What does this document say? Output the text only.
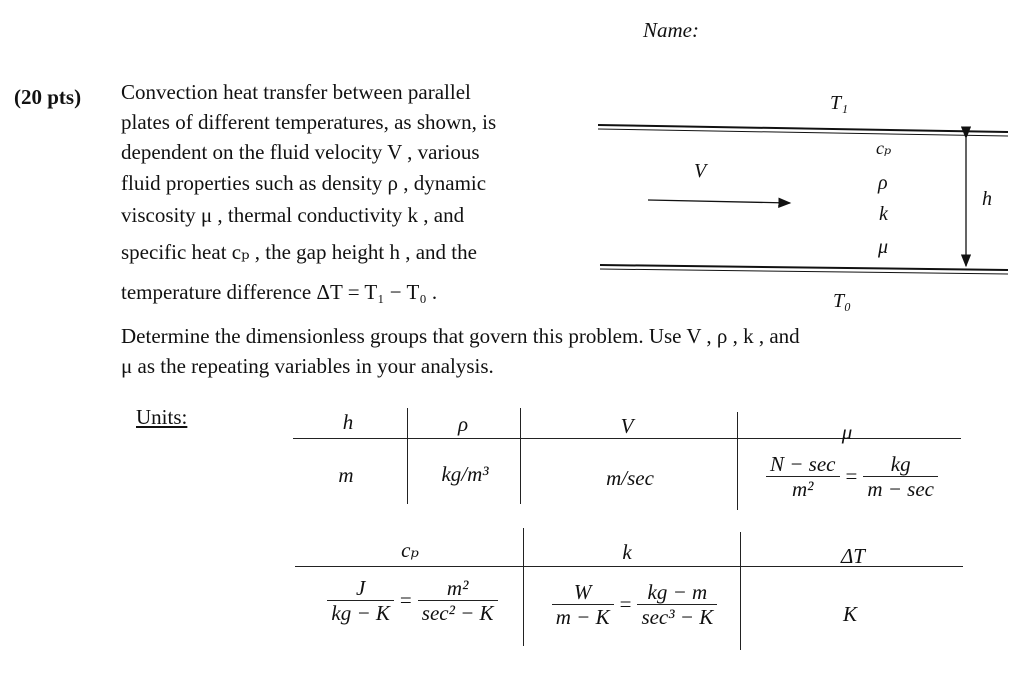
Name:
(20 pts) Convection heat transfer between parallel
plates of different temperatures, as shown, is
dependent on the fluid velocity V , various
fluid properties such as density ρ , dynamic
viscosity μ , thermal conductivity k , and
specific heat cₚ , the gap height h , and the
temperature difference ΔT = T₁ − T₀ .
Determine the dimensionless groups that govern this problem. Use V , ρ , k , and
μ as the repeating variables in your analysis.
T₁
T₀
V
cₚ
ρ
k
μ
h
Units:	h	ρ	V	μ
m	kg/m³	m/sec	$\frac{N - \sec}{\text{m²}} = \frac{kg}{m - \sec}$
cₚ	k	ΔT
$\frac{J}{kg - K} = \frac{\text{m²}}{\text{sec² − K}}$	$\frac{W}{m - K} = \frac{kg - m}{\text{sec³ − K}}$	K
